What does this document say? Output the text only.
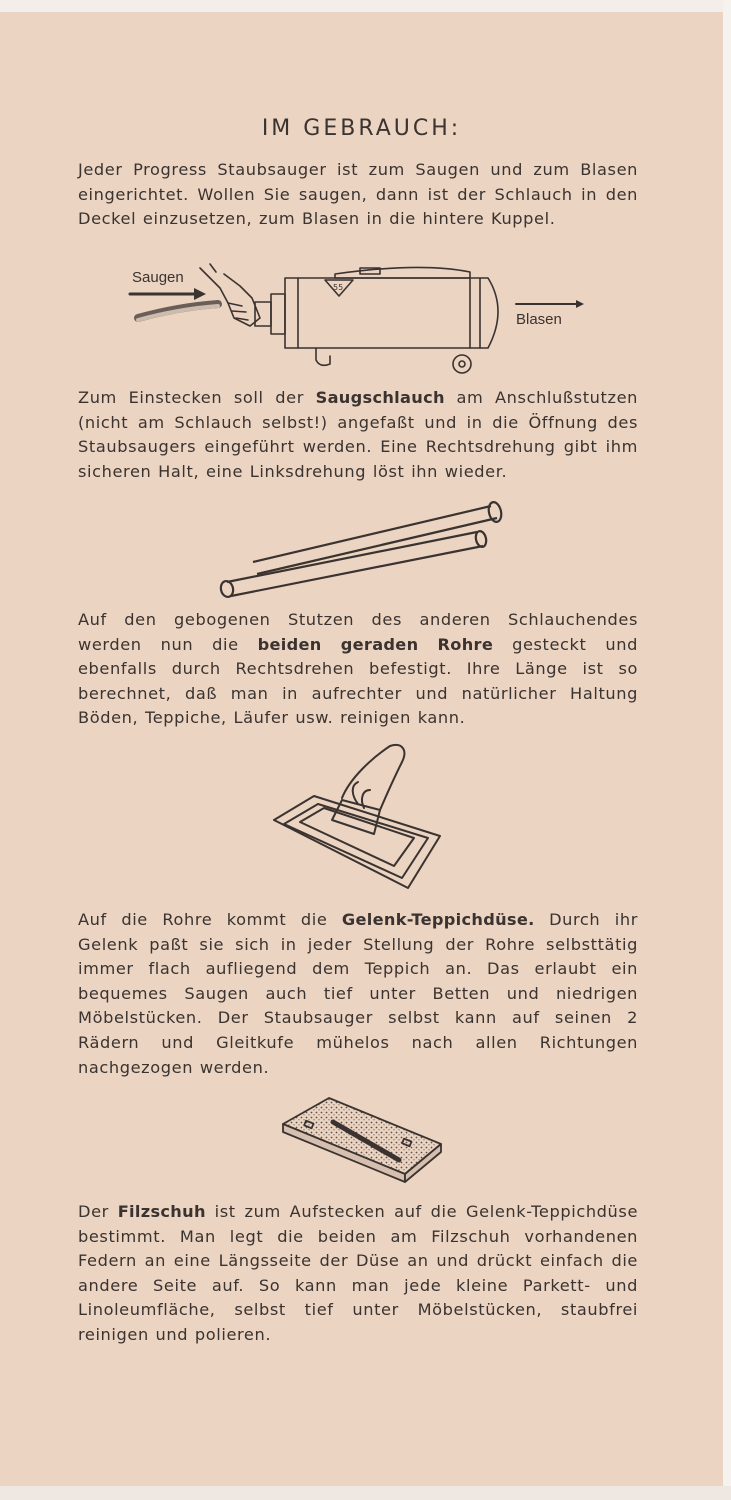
IM GEBRAUCH:

Jeder Progress Staubsauger ist zum Saugen und zum Blasen eingerichtet. Wollen Sie saugen, dann ist der Schlauch in den Deckel einzusetzen, zum Blasen in die hintere Kuppel.

Saugen
Blasen
55

Zum Einstecken soll der Saugschlauch am Anschlußstutzen (nicht am Schlauch selbst!) angefaßt und in die Öffnung des Staubsaugers eingeführt werden. Eine Rechtsdrehung gibt ihm sicheren Halt, eine Linksdrehung löst ihn wieder.

Auf den gebogenen Stutzen des anderen Schlauchendes werden nun die beiden geraden Rohre gesteckt und ebenfalls durch Rechtsdrehen befestigt. Ihre Länge ist so berechnet, daß man in aufrechter und natürlicher Haltung Böden, Teppiche, Läufer usw. reinigen kann.

Auf die Rohre kommt die Gelenk-Teppichdüse. Durch ihr Gelenk paßt sie sich in jeder Stellung der Rohre selbsttätig immer flach aufliegend dem Teppich an. Das erlaubt ein bequemes Saugen auch tief unter Betten und niedrigen Möbelstücken. Der Staubsauger selbst kann auf seinen 2 Rädern und Gleitkufe mühelos nach allen Richtungen nachgezogen werden.

Der Filzschuh ist zum Aufstecken auf die Gelenk-Teppichdüse bestimmt. Man legt die beiden am Filzschuh vorhandenen Federn an eine Längsseite der Düse an und drückt einfach die andere Seite auf. So kann man jede kleine Parkett- und Linoleumfläche, selbst tief unter Möbelstücken, staubfrei reinigen und polieren.
